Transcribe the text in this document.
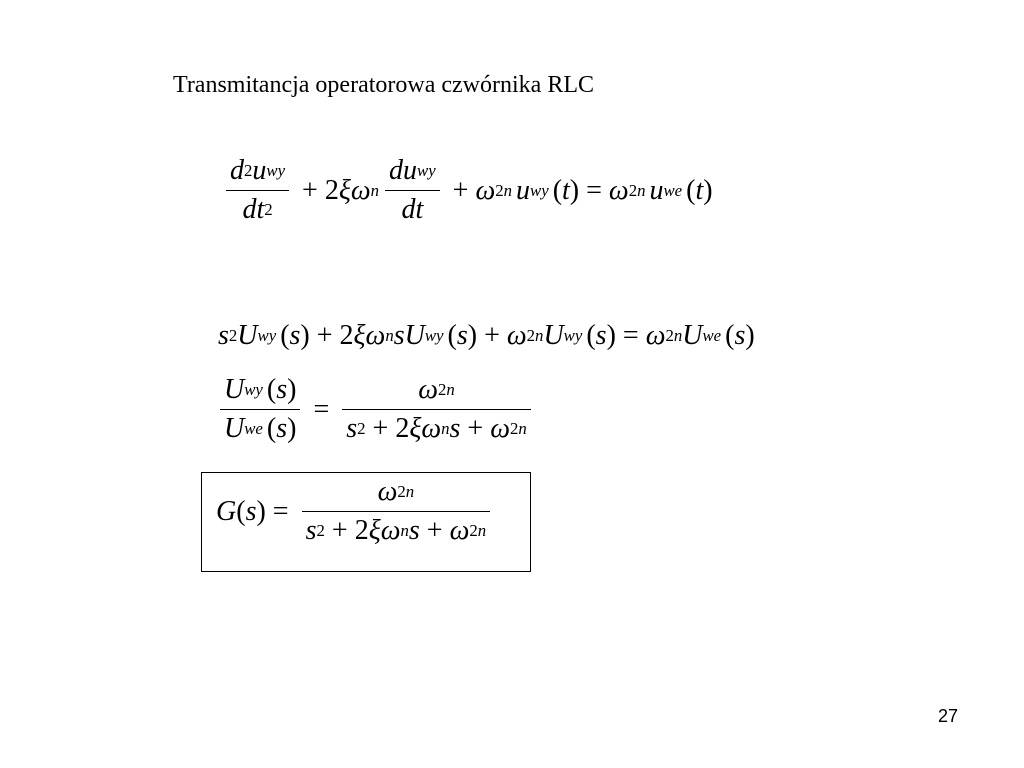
Transmitancja operatorowa czwórnika RLC
$\frac{\text{d 2 u wy}}{dt 2} + 2$ ξ ω n $\frac{\text{du wy}}{dt} + \omega$ 2 n u wy ( t ) = ω 2 n u we ( t )
s 2 U wy ( s ) + 2 ξ ω n s U wy ( s ) + ω 2 n U wy ( s ) = ω 2 n U we ( s )
$\frac{\text{U wy ( s )}}{\text{U we ( s )}} = \frac{\omega 2 n}{\text{s 2 + 2 ξ ω n s + ω 2 n}}$
G ( s ) = $\frac{\omega 2 n}{\text{s 2 + 2 ξ ω n s + ω 2 n}}$
27
